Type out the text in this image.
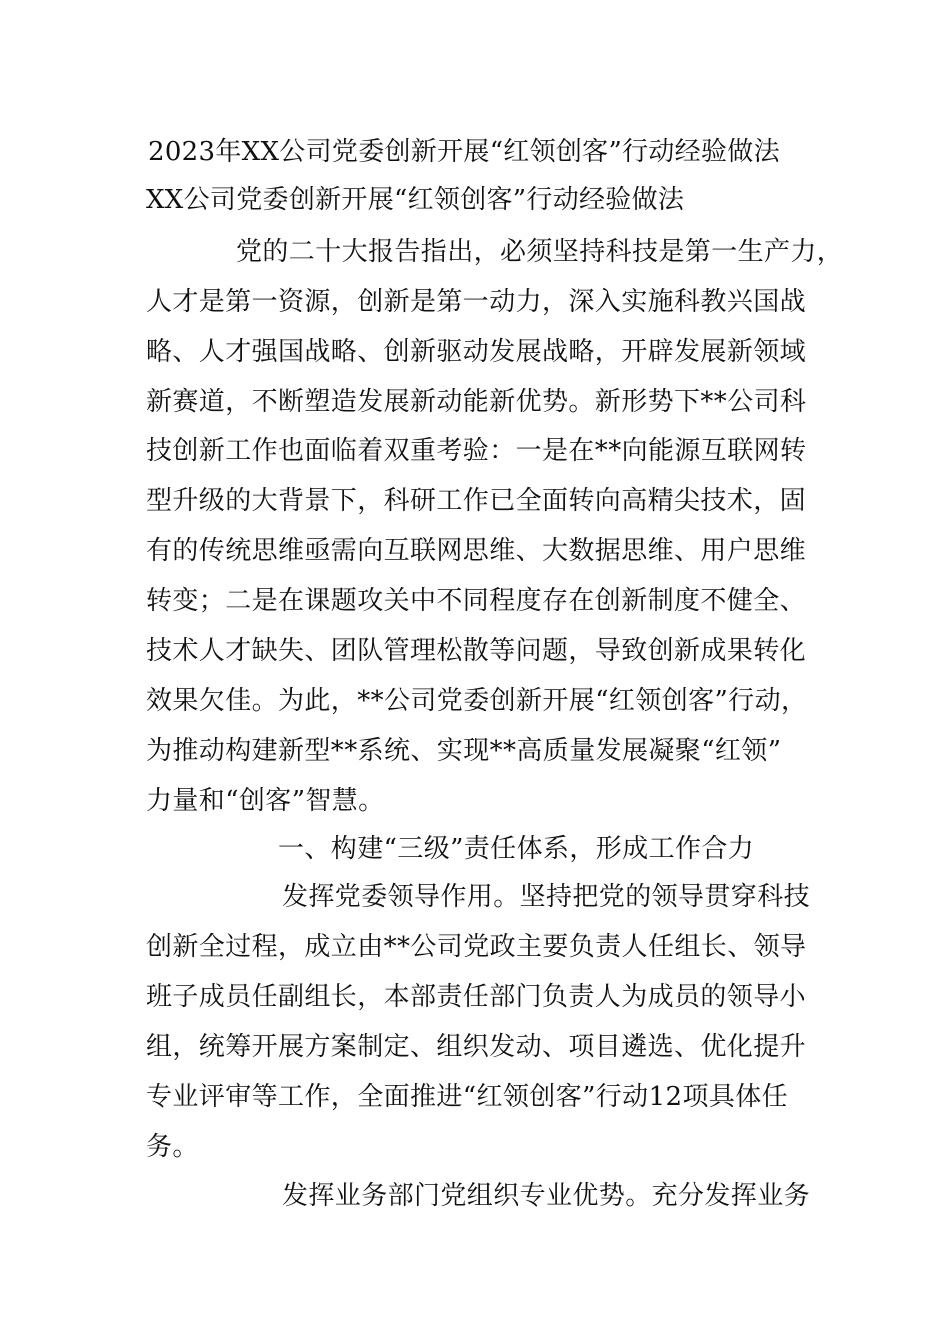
2023年XX公司党委创新开展“红领创客”行动经验做法
XX公司党委创新开展“红领创客”行动经验做法
党的二十大报告指出，必须坚持科技是第一生产力，
人才是第一资源，创新是第一动力，深入实施科教兴国战
略、人才强国战略、创新驱动发展战略，开辟发展新领域
新赛道，不断塑造发展新动能新优势。新形势下**公司科
技创新工作也面临着双重考验：一是在**向能源互联网转
型升级的大背景下，科研工作已全面转向高精尖技术，固
有的传统思维亟需向互联网思维、大数据思维、用户思维
转变；二是在课题攻关中不同程度存在创新制度不健全、
技术人才缺失、团队管理松散等问题，导致创新成果转化
效果欠佳。为此，**公司党委创新开展“红领创客”行动，
为推动构建新型**系统、实现**高质量发展凝聚“红领”
力量和“创客”智慧。
一、构建“三级”责任体系，形成工作合力
发挥党委领导作用。坚持把党的领导贯穿科技
创新全过程，成立由**公司党政主要负责人任组长、领导
班子成员任副组长，本部责任部门负责人为成员的领导小
组，统筹开展方案制定、组织发动、项目遴选、优化提升
专业评审等工作，全面推进“红领创客”行动12项具体任
务。
发挥业务部门党组织专业优势。充分发挥业务
